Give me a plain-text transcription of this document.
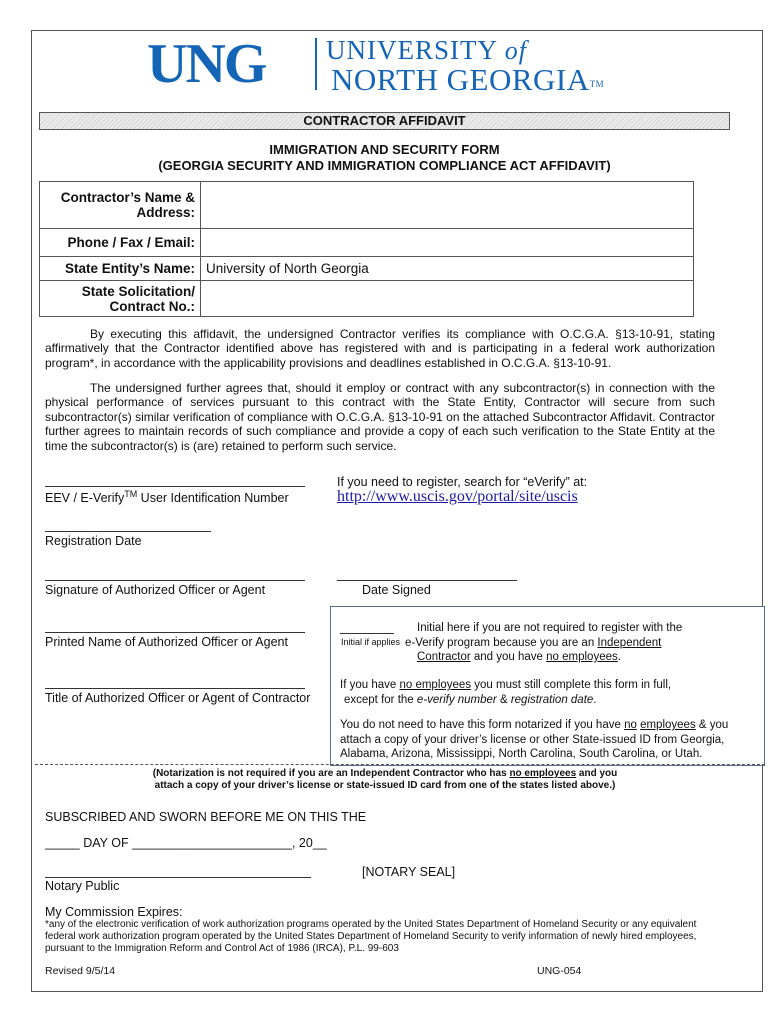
UNG UNIVERSITY of
NORTH GEORGIA™
CONTRACTOR AFFIDAVIT
IMMIGRATION AND SECURITY FORM
(GEORGIA SECURITY AND IMMIGRATION COMPLIANCE ACT AFFIDAVIT)
Contractor’s Name & Address:	
Phone / Fax / Email:	
State Entity’s Name:	University of North Georgia
State Solicitation/ Contract No.:	

By executing this affidavit, the undersigned Contractor verifies its compliance with O.C.G.A. §13-10-91, stating affirmatively that the Contractor identified above has registered with and is participating in a federal work authorization program*, in accordance with the applicability provisions and deadlines established in O.C.G.A. §13-10-91.

The undersigned further agrees that, should it employ or contract with any subcontractor(s) in connection with the physical performance of services pursuant to this contract with the State Entity, Contractor will secure from such subcontractor(s) similar verification of compliance with O.C.G.A. §13-10-91 on the attached Subcontractor Affidavit. Contractor further agrees to maintain records of such compliance and provide a copy of each such verification to the State Entity at the time the subcontractor(s) is (are) retained to perform such service.

EEV / E-Verify™ User Identification Number
If you need to register, search for “eVerify” at:
http://www.uscis.gov/portal/site/uscis
Registration Date
Signature of Authorized Officer or Agent	Date Signed
Printed Name of Authorized Officer or Agent
Title of Authorized Officer or Agent of Contractor
Initial if applies
Initial here if you are not required to register with the
e-Verify program because you are an Independent
Contractor and you have no employees.
If you have no employees you must still complete this form in full,
except for the e-verify number & registration date.
You do not need to have this form notarized if you have no employees & you
attach a copy of your driver’s license or other State-issued ID from Georgia,
Alabama, Arizona, Mississippi, North Carolina, South Carolina, or Utah.
(Notarization is not required if you are an Independent Contractor who has no employees and you
attach a copy of your driver’s license or state-issued ID card from one of the states listed above.)
SUBSCRIBED AND SWORN BEFORE ME ON THIS THE
_____ DAY OF _______________________, 20__
Notary Public
[NOTARY SEAL]
My Commission Expires:
*any of the electronic verification of work authorization programs operated by the United States Department of Homeland Security or any equivalent federal work authorization program operated by the United States Department of Homeland Security to verify information of newly hired employees, pursuant to the Immigration Reform and Control Act of 1986 (IRCA), P.L. 99-603
Revised 9/5/14	UNG-054
